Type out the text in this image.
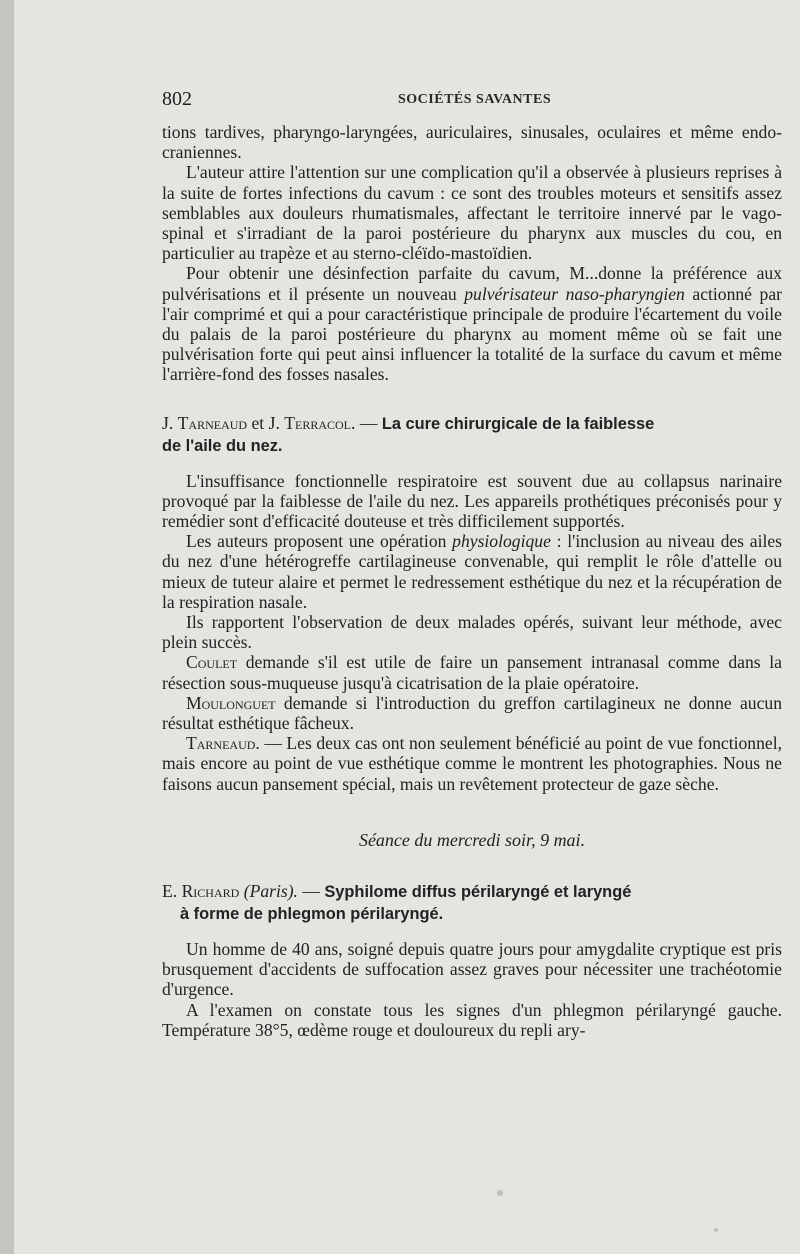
802	SOCIÉTÉS SAVANTES

tions tardives, pharyngo-laryngées, auriculaires, sinusales, oculaires et même endo-craniennes.

L'auteur attire l'attention sur une complication qu'il a observée à plusieurs reprises à la suite de fortes infections du cavum : ce sont des troubles moteurs et sensitifs assez semblables aux douleurs rhumatismales, affectant le territoire innervé par le vago-spinal et s'irradiant de la paroi postérieure du pharynx aux muscles du cou, en particulier au trapèze et au sterno-cléïdo-mastoïdien.

Pour obtenir une désinfection parfaite du cavum, M...donne la préférence aux pulvérisations et il présente un nouveau pulvérisateur naso-pharyngien actionné par l'air comprimé et qui a pour caractéristique principale de produire l'écartement du voile du palais de la paroi postérieure du pharynx au moment même où se fait une pulvérisation forte qui peut ainsi influencer la totalité de la surface du cavum et même l'arrière-fond des fosses nasales.

J. Tarneaud et J. Terracol. — La cure chirurgicale de la faiblesse
de l'aile du nez.

L'insuffisance fonctionnelle respiratoire est souvent due au collapsus narinaire provoqué par la faiblesse de l'aile du nez. Les appareils prothétiques préconisés pour y remédier sont d'efficacité douteuse et très difficilement supportés.

Les auteurs proposent une opération physiologique : l'inclusion au niveau des ailes du nez d'une hétérogreffe cartilagineuse convenable, qui remplit le rôle d'attelle ou mieux de tuteur alaire et permet le redressement esthétique du nez et la récupération de la respiration nasale.

Ils rapportent l'observation de deux malades opérés, suivant leur méthode, avec plein succès.

Coulet demande s'il est utile de faire un pansement intranasal comme dans la résection sous-muqueuse jusqu'à cicatrisation de la plaie opératoire.

Moulonguet demande si l'introduction du greffon cartilagineux ne donne aucun résultat esthétique fâcheux.

Tarneaud. — Les deux cas ont non seulement bénéficié au point de vue fonctionnel, mais encore au point de vue esthétique comme le montrent les photographies. Nous ne faisons aucun pansement spécial, mais un revêtement protecteur de gaze sèche.

Séance du mercredi soir, 9 mai.

E. Richard (Paris). — Syphilome diffus périlaryngé et laryngé
à forme de phlegmon périlaryngé.

Un homme de 40 ans, soigné depuis quatre jours pour amygdalite cryptique est pris brusquement d'accidents de suffocation assez graves pour nécessiter une trachéotomie d'urgence.

A l'examen on constate tous les signes d'un phlegmon périlaryngé gauche. Température 38°5, œdème rouge et douloureux du repli ary-
